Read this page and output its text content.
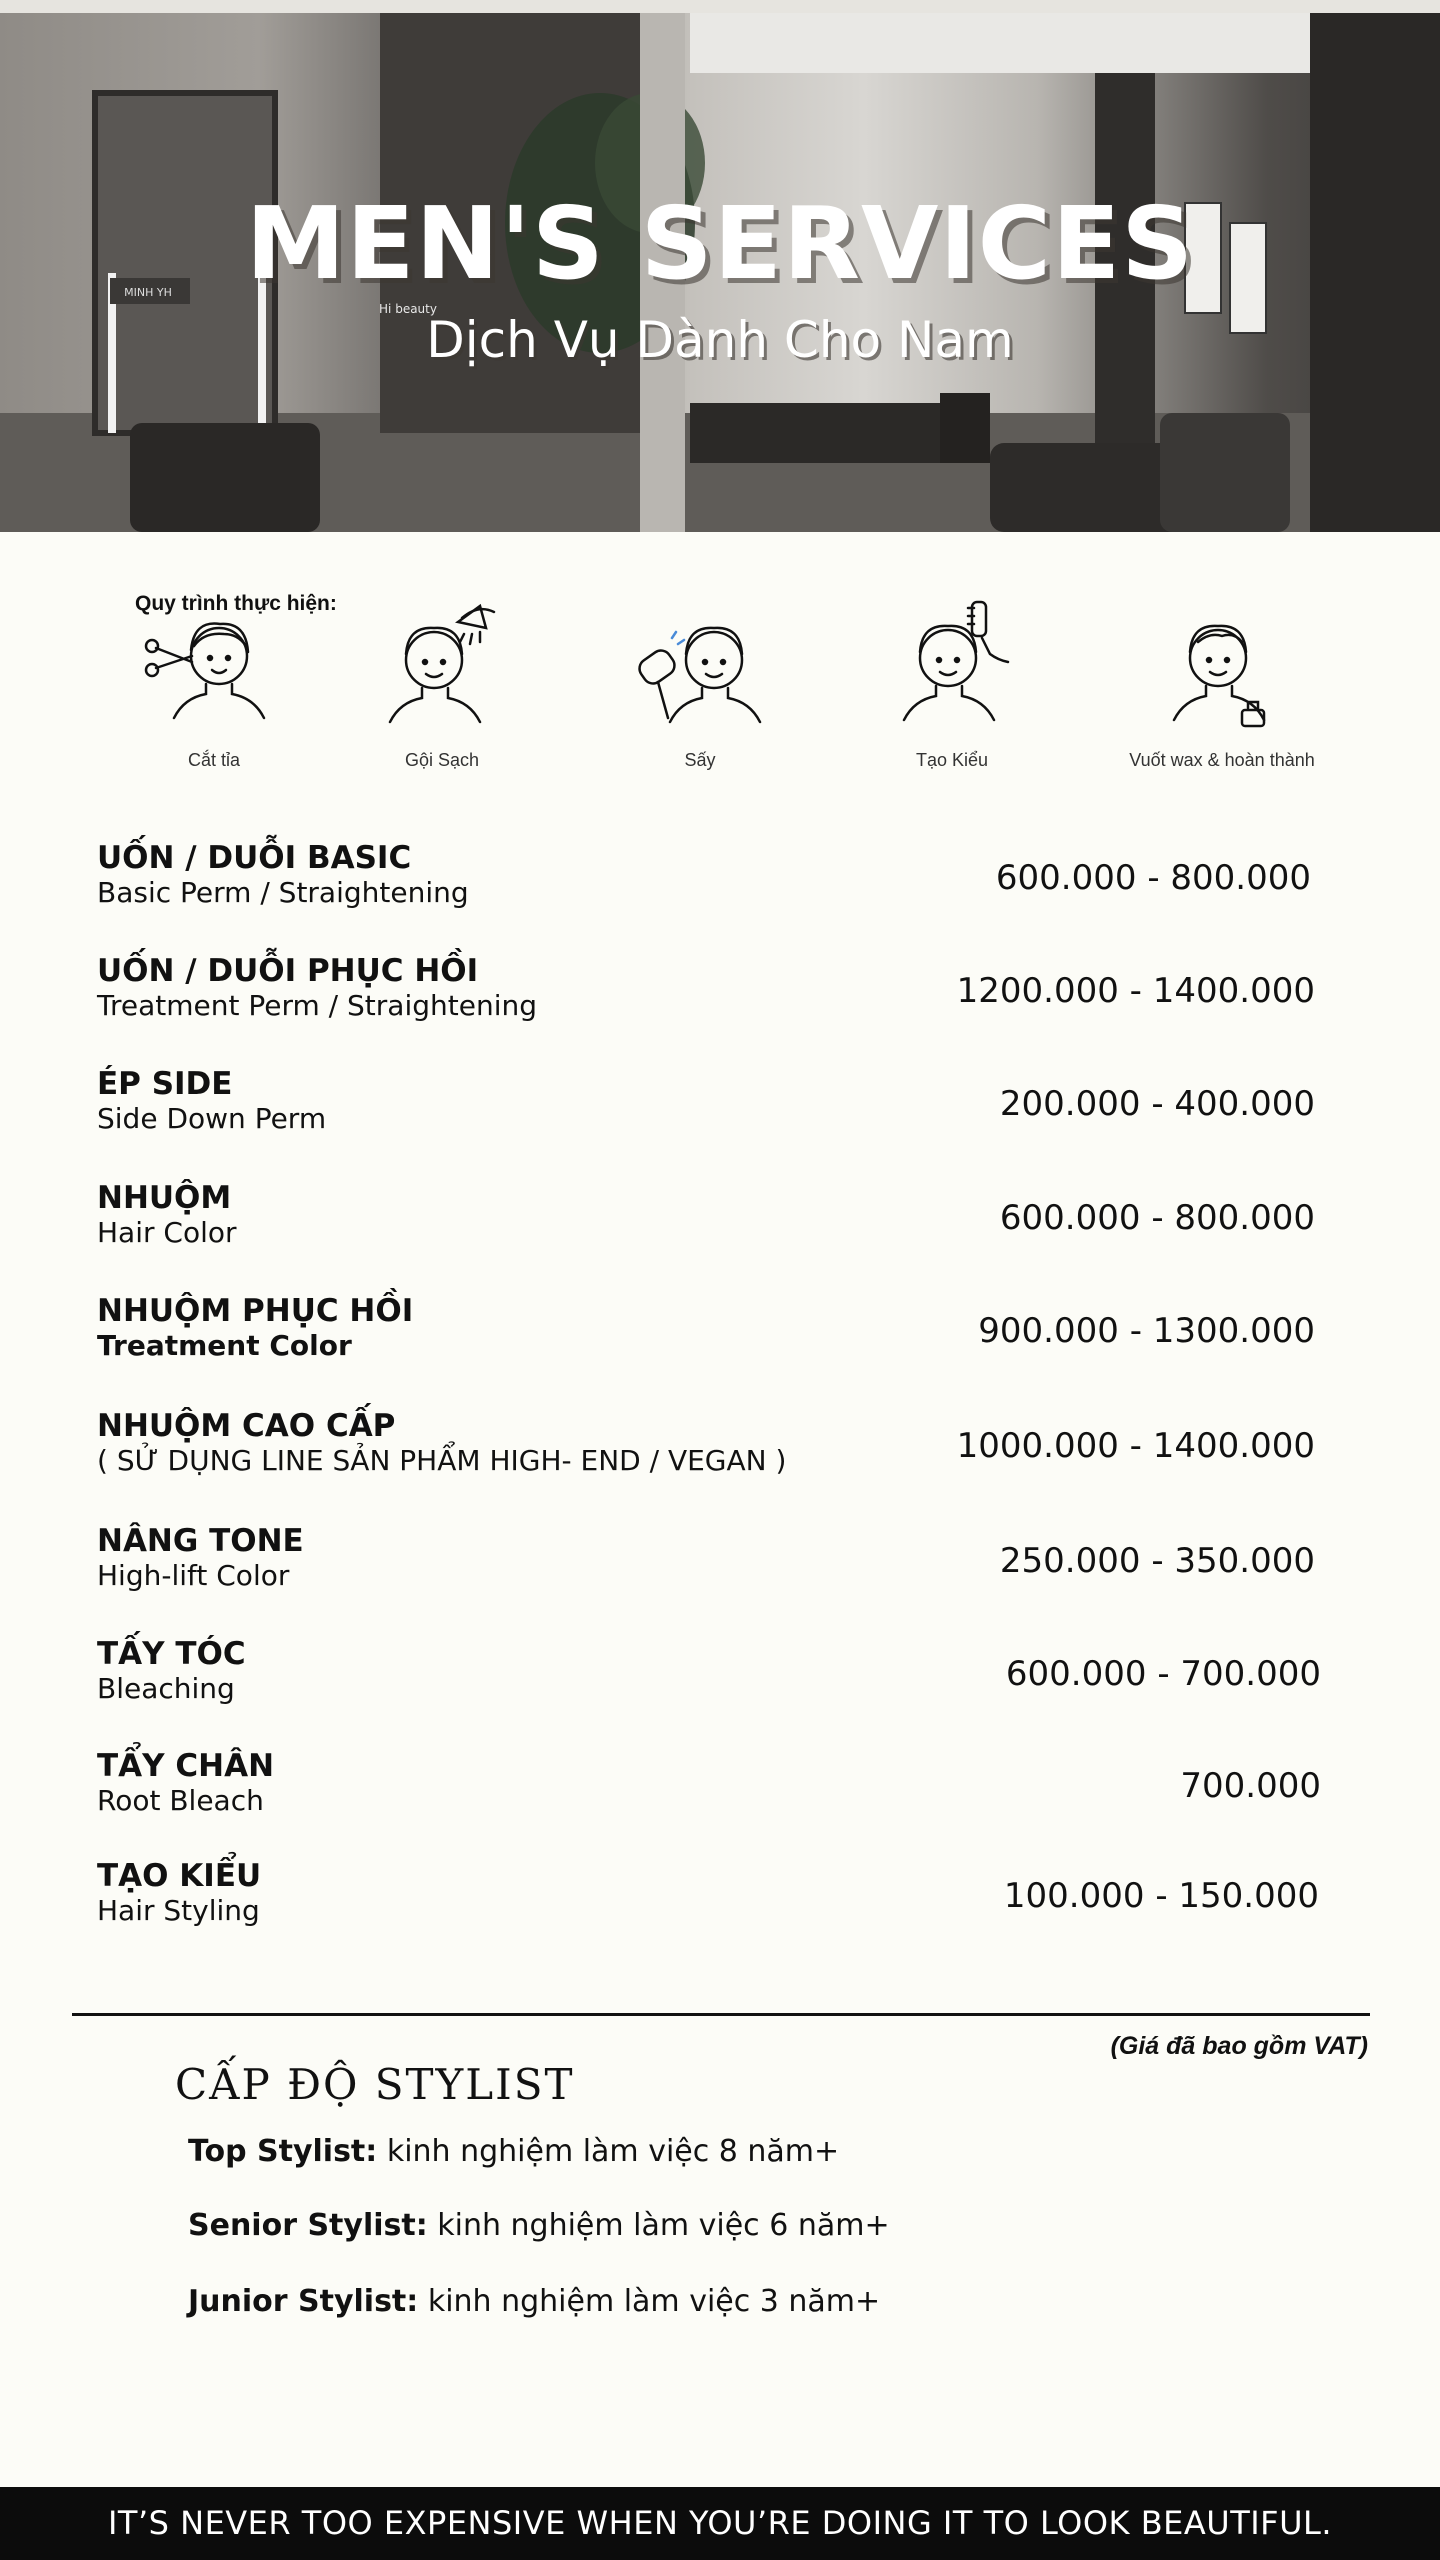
MINH YH
Hi beauty
MEN'S SERVICES
Dịch Vụ Dành Cho Nam
Quy trình thực hiện:
Cắt tỉa	Gội Sạch	Sấy	Tạo Kiểu	Vuốt wax & hoàn thành
UỐN / DUỖI BASIC
Basic Perm / Straightening	600.000 - 800.000
UỐN / DUỖI PHỤC HỒI
Treatment Perm / Straightening	1200.000 - 1400.000
ÉP SIDE
Side Down Perm	200.000 - 400.000
NHUỘM
Hair Color	600.000 - 800.000
NHUỘM PHỤC HỒI
Treatment Color	900.000 - 1300.000
NHUỘM CAO CẤP
( SỬ DỤNG LINE SẢN PHẨM HIGH- END / VEGAN )	1000.000 - 1400.000
NÂNG TONE
High-lift Color	250.000 - 350.000
TẤY TÓC
Bleaching	600.000 - 700.000
TẨY CHÂN
Root Bleach	700.000
TẠO KIỂU
Hair Styling	100.000 - 150.000
(Giá đã bao gồm VAT)
CẤP ĐỘ STYLIST
Top Stylist: kinh nghiệm làm việc 8 năm+
Senior Stylist: kinh nghiệm làm việc 6 năm+
Junior Stylist: kinh nghiệm làm việc 3 năm+
IT’S NEVER TOO EXPENSIVE WHEN YOU’RE DOING IT TO LOOK BEAUTIFUL.
